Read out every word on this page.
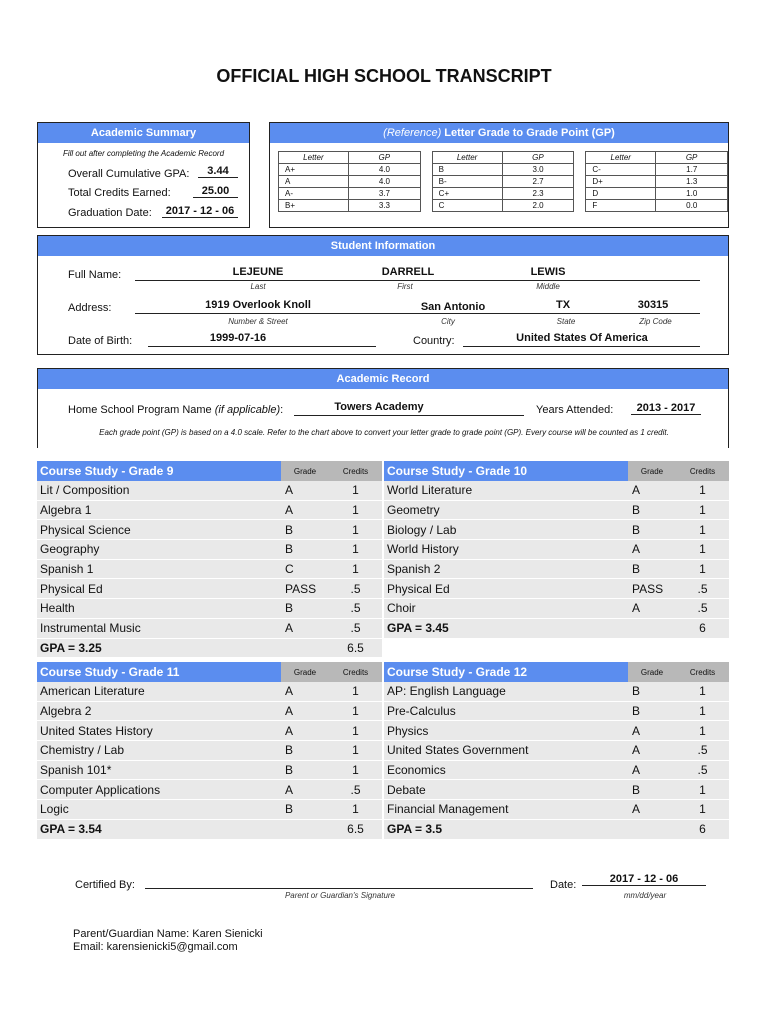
OFFICIAL HIGH SCHOOL TRANSCRIPT
Academic Summary
Fill out after completing the Academic Record
Overall Cumulative GPA:	3.44
Total Credits Earned:	25.00
Graduation Date:	2017 - 12 - 06
(Reference) Letter Grade to Grade Point (GP)
Letter	GP
A+	4.0
A	4.0
A-	3.7
B+	3.3
Letter	GP
B	3.0
B-	2.7
C+	2.3
C	2.0
Letter	GP
C-	1.7
D+	1.3
D	1.0
F	0.0
Student Information
Full Name:	LEJEUNE	DARRELL	LEWIS
Last	First	Middle
Address:	1919 Overlook Knoll	San Antonio	TX	30315
Number & Street	City	State	Zip Code
Date of Birth:	1999-07-16	Country:	United States Of America
Academic Record
Home School Program Name (if applicable):	Towers Academy	Years Attended:	2013 - 2017
Each grade point (GP) is based on a 4.0 scale. Refer to the chart above to convert your letter grade to grade point (GP). Every course will be counted as 1 credit.
Course Study - Grade 9	Grade	Credits
Lit / Composition	A	1
Algebra 1	A	1
Physical Science	B	1
Geography	B	1
Spanish 1	C	1
Physical Ed	PASS	.5
Health	B	.5
Instrumental Music	A	.5
GPA = 3.25	6.5
Course Study - Grade 10	Grade	Credits
World Literature	A	1
Geometry	B	1
Biology / Lab	B	1
World History	A	1
Spanish 2	B	1
Physical Ed	PASS	.5
Choir	A	.5
GPA = 3.45	6
Course Study - Grade 11	Grade	Credits
American Literature	A	1
Algebra 2	A	1
United States History	A	1
Chemistry / Lab	B	1
Spanish 101*	B	1
Computer Applications	A	.5
Logic	B	1
GPA = 3.54	6.5
Course Study - Grade 12	Grade	Credits
AP: English Language	B	1
Pre-Calculus	B	1
Physics	A	1
United States Government	A	.5
Economics	A	.5
Debate	B	1
Financial Management	A	1
GPA = 3.5	6
Certified By:
Parent or Guardian's Signature
Date:	2017 - 12 - 06
mm/dd/year
Parent/Guardian Name: Karen Sienicki
Email: karensienicki5@gmail.com
